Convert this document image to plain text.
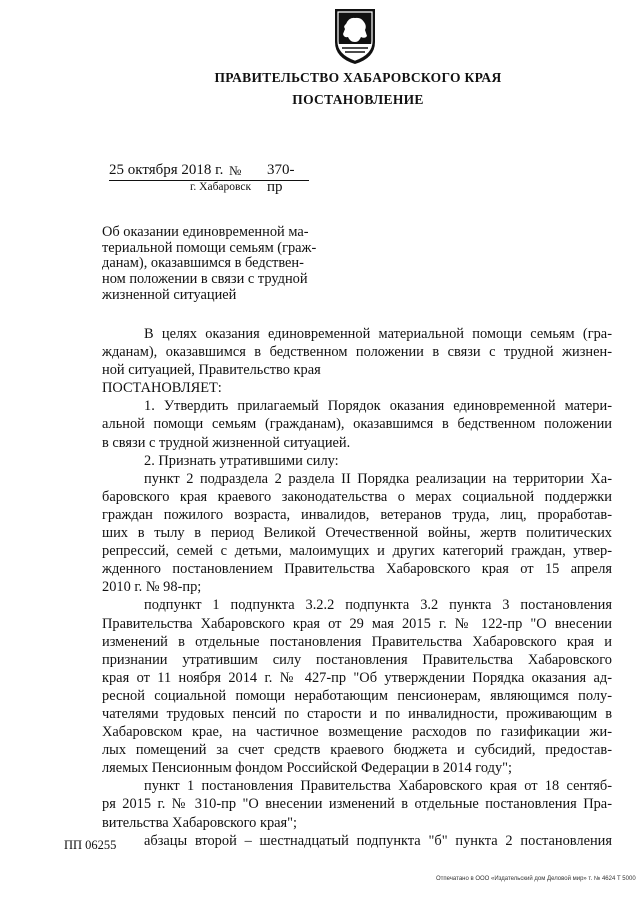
ПРАВИТЕЛЬСТВО ХАБАРОВСКОГО КРАЯ
ПОСТАНОВЛЕНИЕ
25 октября 2018 г. № 370-пр
г. Хабаровск
Об оказании единовременной ма-
териальной помощи семьям (граж-
данам), оказавшимся в бедствен-
ном положении в связи с трудной
жизненной ситуацией
В целях оказания единовременной материальной помощи семьям (гра-
жданам), оказавшимся в бедственном положении в связи с трудной жизнен-
ной ситуацией, Правительство края
ПОСТАНОВЛЯЕТ:
1. Утвердить прилагаемый Порядок оказания единовременной матери-
альной помощи семьям (гражданам), оказавшимся в бедственном положении
в связи с трудной жизненной ситуацией.
2. Признать утратившими силу:
пункт 2 подраздела 2 раздела II Порядка реализации на территории Ха-
баровского края краевого законодательства о мерах социальной поддержки
граждан пожилого возраста, инвалидов, ветеранов труда, лиц, проработав-
ших в тылу в период Великой Отечественной войны, жертв политических
репрессий, семей с детьми, малоимущих и других категорий граждан, утвер-
жденного постановлением Правительства Хабаровского края от 15 апреля
2010 г. № 98-пр;
подпункт 1 подпункта 3.2.2 подпункта 3.2 пункта 3 постановления
Правительства Хабаровского края от 29 мая 2015 г. № 122-пр "О внесении
изменений в отдельные постановления Правительства Хабаровского края и
признании утратившим силу постановления Правительства Хабаровского
края от 11 ноября 2014 г. № 427-пр "Об утверждении Порядка оказания ад-
ресной социальной помощи неработающим пенсионерам, являющимся полу-
чателями трудовых пенсий по старости и по инвалидности, проживающим в
Хабаровском крае, на частичное возмещение расходов по газификации жи-
лых помещений за счет средств краевого бюджета и субсидий, предостав-
ляемых Пенсионным фондом Российской Федерации в 2014 году";
пункт 1 постановления Правительства Хабаровского края от 18 сентяб-
ря 2015 г. № 310-пр "О внесении изменений в отдельные постановления Пра-
вительства Хабаровского края";
абзацы второй – шестнадцатый подпункта "б" пункта 2 постановления
ПП 06255
Отпечатано в ООО «Издательский дом Деловой мир» т. № 4624 Т 5000
